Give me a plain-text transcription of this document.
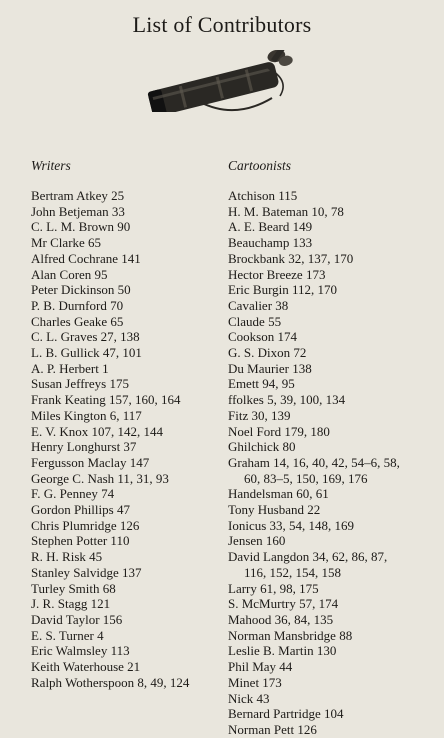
List of Contributors
Writers
Bertram Atkey 25
John Betjeman 33
C. L. M. Brown 90
Mr Clarke 65
Alfred Cochrane 141
Alan Coren 95
Peter Dickinson 50
P. B. Durnford 70
Charles Geake 65
C. L. Graves 27, 138
L. B. Gullick 47, 101
A. P. Herbert 1
Susan Jeffreys 175
Frank Keating 157, 160, 164
Miles Kington 6, 117
E. V. Knox 107, 142, 144
Henry Longhurst 37
Fergusson Maclay 147
George C. Nash 11, 31, 93
F. G. Penney 74
Gordon Phillips 47
Chris Plumridge 126
Stephen Potter 110
R. H. Risk 45
Stanley Salvidge 137
Turley Smith 68
J. R. Stagg 121
David Taylor 156
E. S. Turner 4
Eric Walmsley 113
Keith Waterhouse 21
Ralph Wotherspoon 8, 49, 124
Cartoonists
Atchison 115
H. M. Bateman 10, 78
A. E. Beard 149
Beauchamp 133
Brockbank 32, 137, 170
Hector Breeze 173
Eric Burgin 112, 170
Cavalier 38
Claude 55
Cookson 174
G. S. Dixon 72
Du Maurier 138
Emett 94, 95
ffolkes 5, 39, 100, 134
Fitz 30, 139
Noel Ford 179, 180
Ghilchick 80
Graham 14, 16, 40, 42, 54–6, 58,
60, 83–5, 150, 169, 176
Handelsman 60, 61
Tony Husband 22
Ionicus 33, 54, 148, 169
Jensen 160
David Langdon 34, 62, 86, 87,
116, 152, 154, 158
Larry 61, 98, 175
S. McMurtry 57, 174
Mahood 36, 84, 135
Norman Mansbridge 88
Leslie B. Martin 130
Phil May 44
Minet 173
Nick 43
Bernard Partridge 104
Norman Pett 126
